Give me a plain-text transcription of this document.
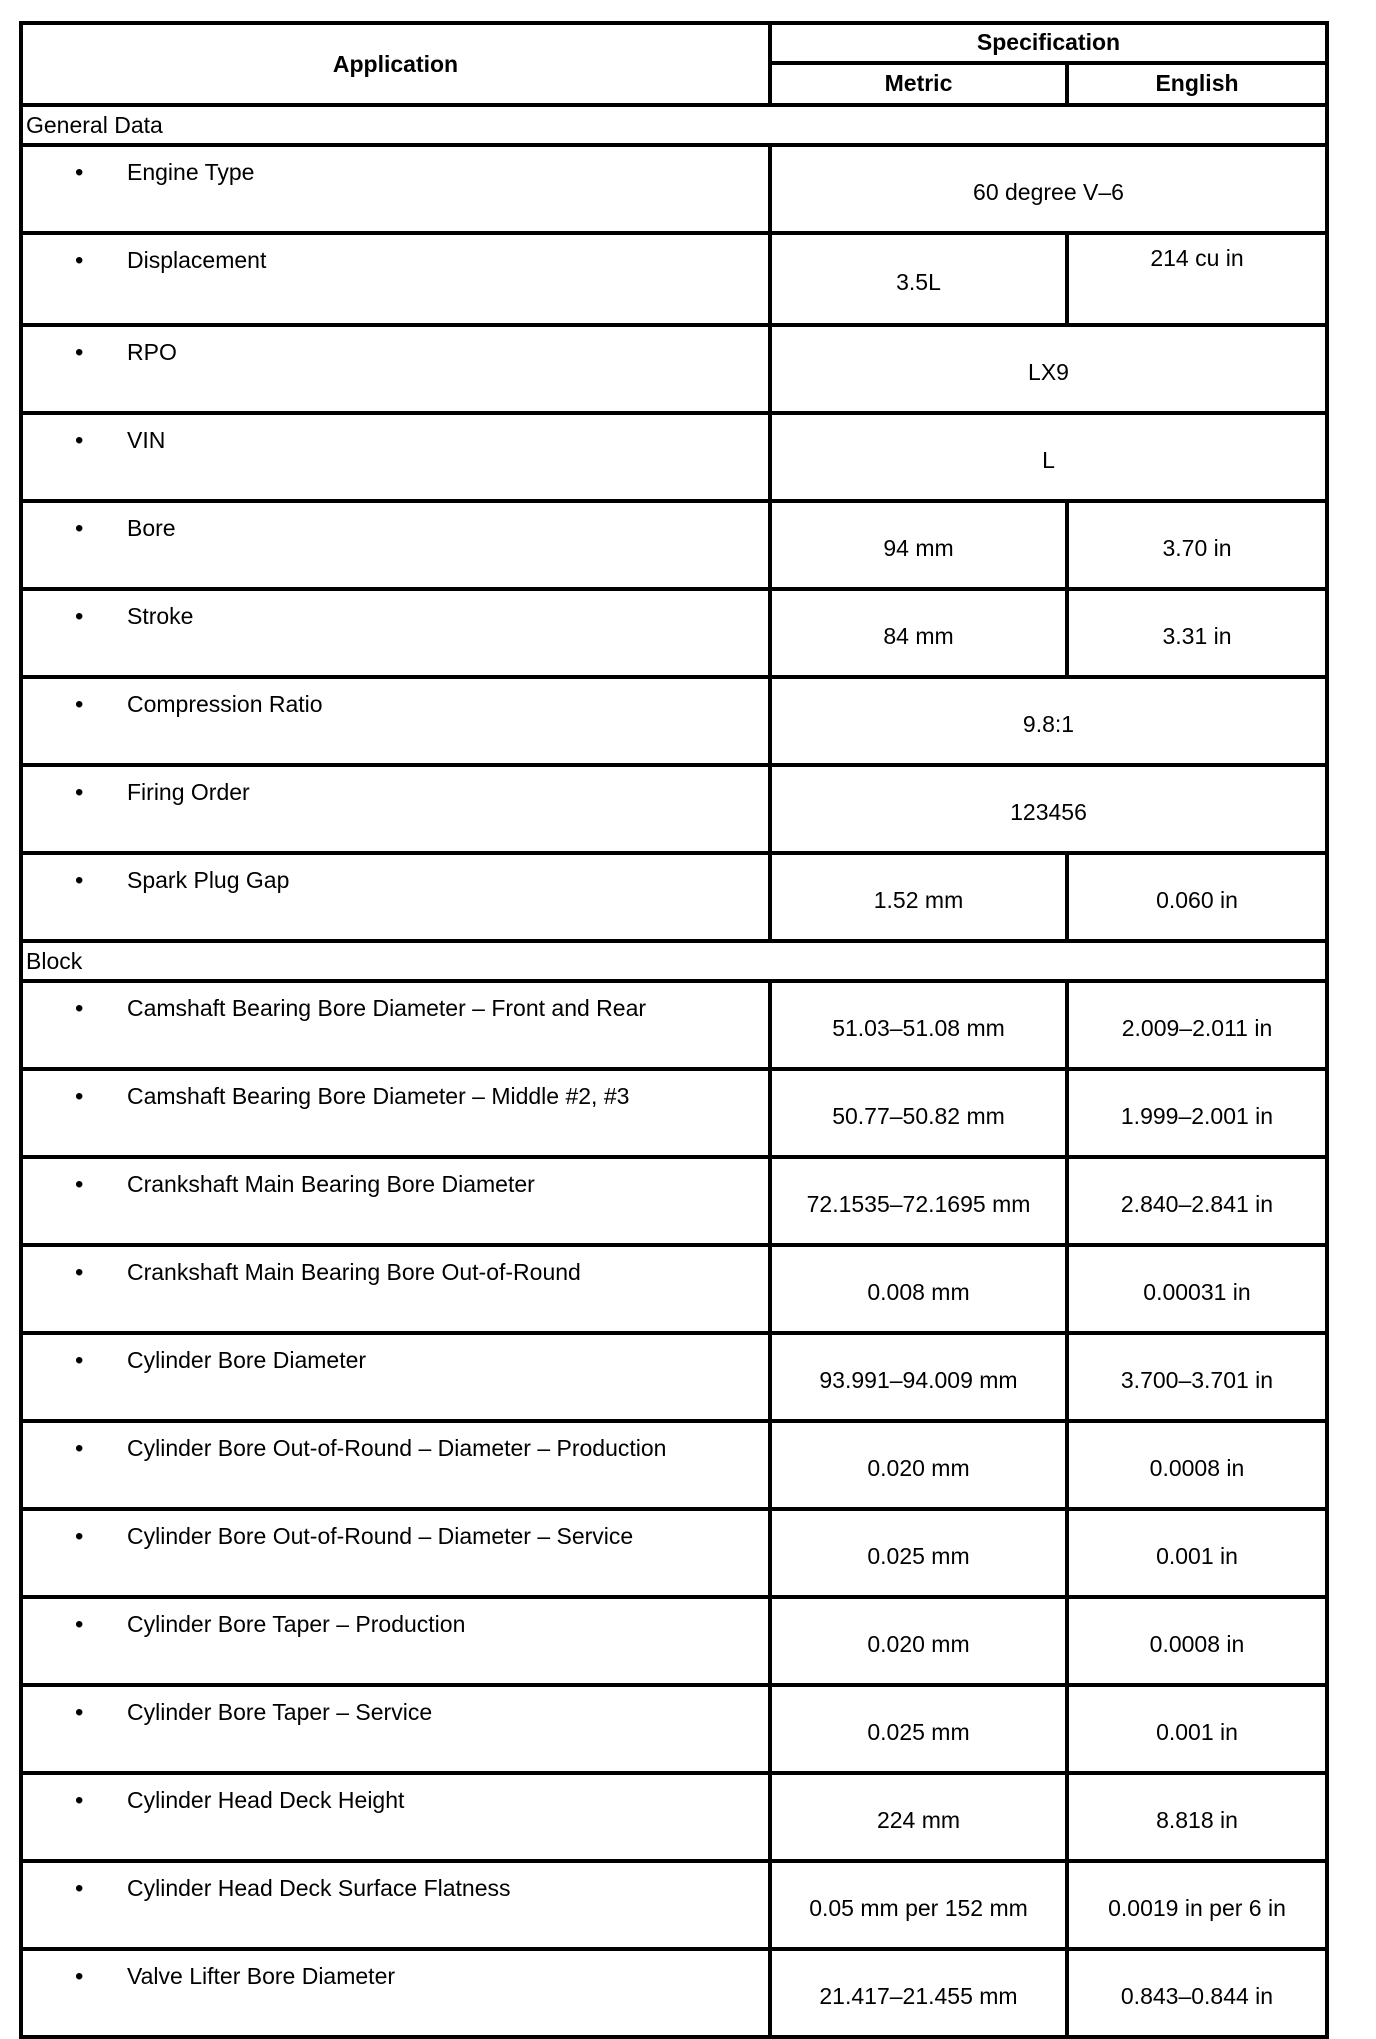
Application	Specification	
	Metric	English
General Data		

• Engine Type	60 degree V–6	

• Displacement	3.5L	214 cu in

• RPO	LX9	

• VIN	L	

• Bore	94 mm	3.70 in

• Stroke	84 mm	3.31 in

• Compression Ratio	9.8:1	

• Firing Order	123456	

• Spark Plug Gap	1.52 mm	0.060 in
Block		

• Camshaft Bearing Bore Diameter – Front and Rear	51.03–51.08 mm	2.009–2.011 in

• Camshaft Bearing Bore Diameter – Middle #2, #3	50.77–50.82 mm	1.999–2.001 in

• Crankshaft Main Bearing Bore Diameter	72.1535–72.1695 mm	2.840–2.841 in

• Crankshaft Main Bearing Bore Out-of-Round	0.008 mm	0.00031 in

• Cylinder Bore Diameter	93.991–94.009 mm	3.700–3.701 in

• Cylinder Bore Out-of-Round – Diameter – Production	0.020 mm	0.0008 in

• Cylinder Bore Out-of-Round – Diameter – Service	0.025 mm	0.001 in

• Cylinder Bore Taper – Production	0.020 mm	0.0008 in

• Cylinder Bore Taper – Service	0.025 mm	0.001 in

• Cylinder Head Deck Height	224 mm	8.818 in

• Cylinder Head Deck Surface Flatness	0.05 mm per 152 mm	0.0019 in per 6 in

• Valve Lifter Bore Diameter	21.417–21.455 mm	0.843–0.844 in
